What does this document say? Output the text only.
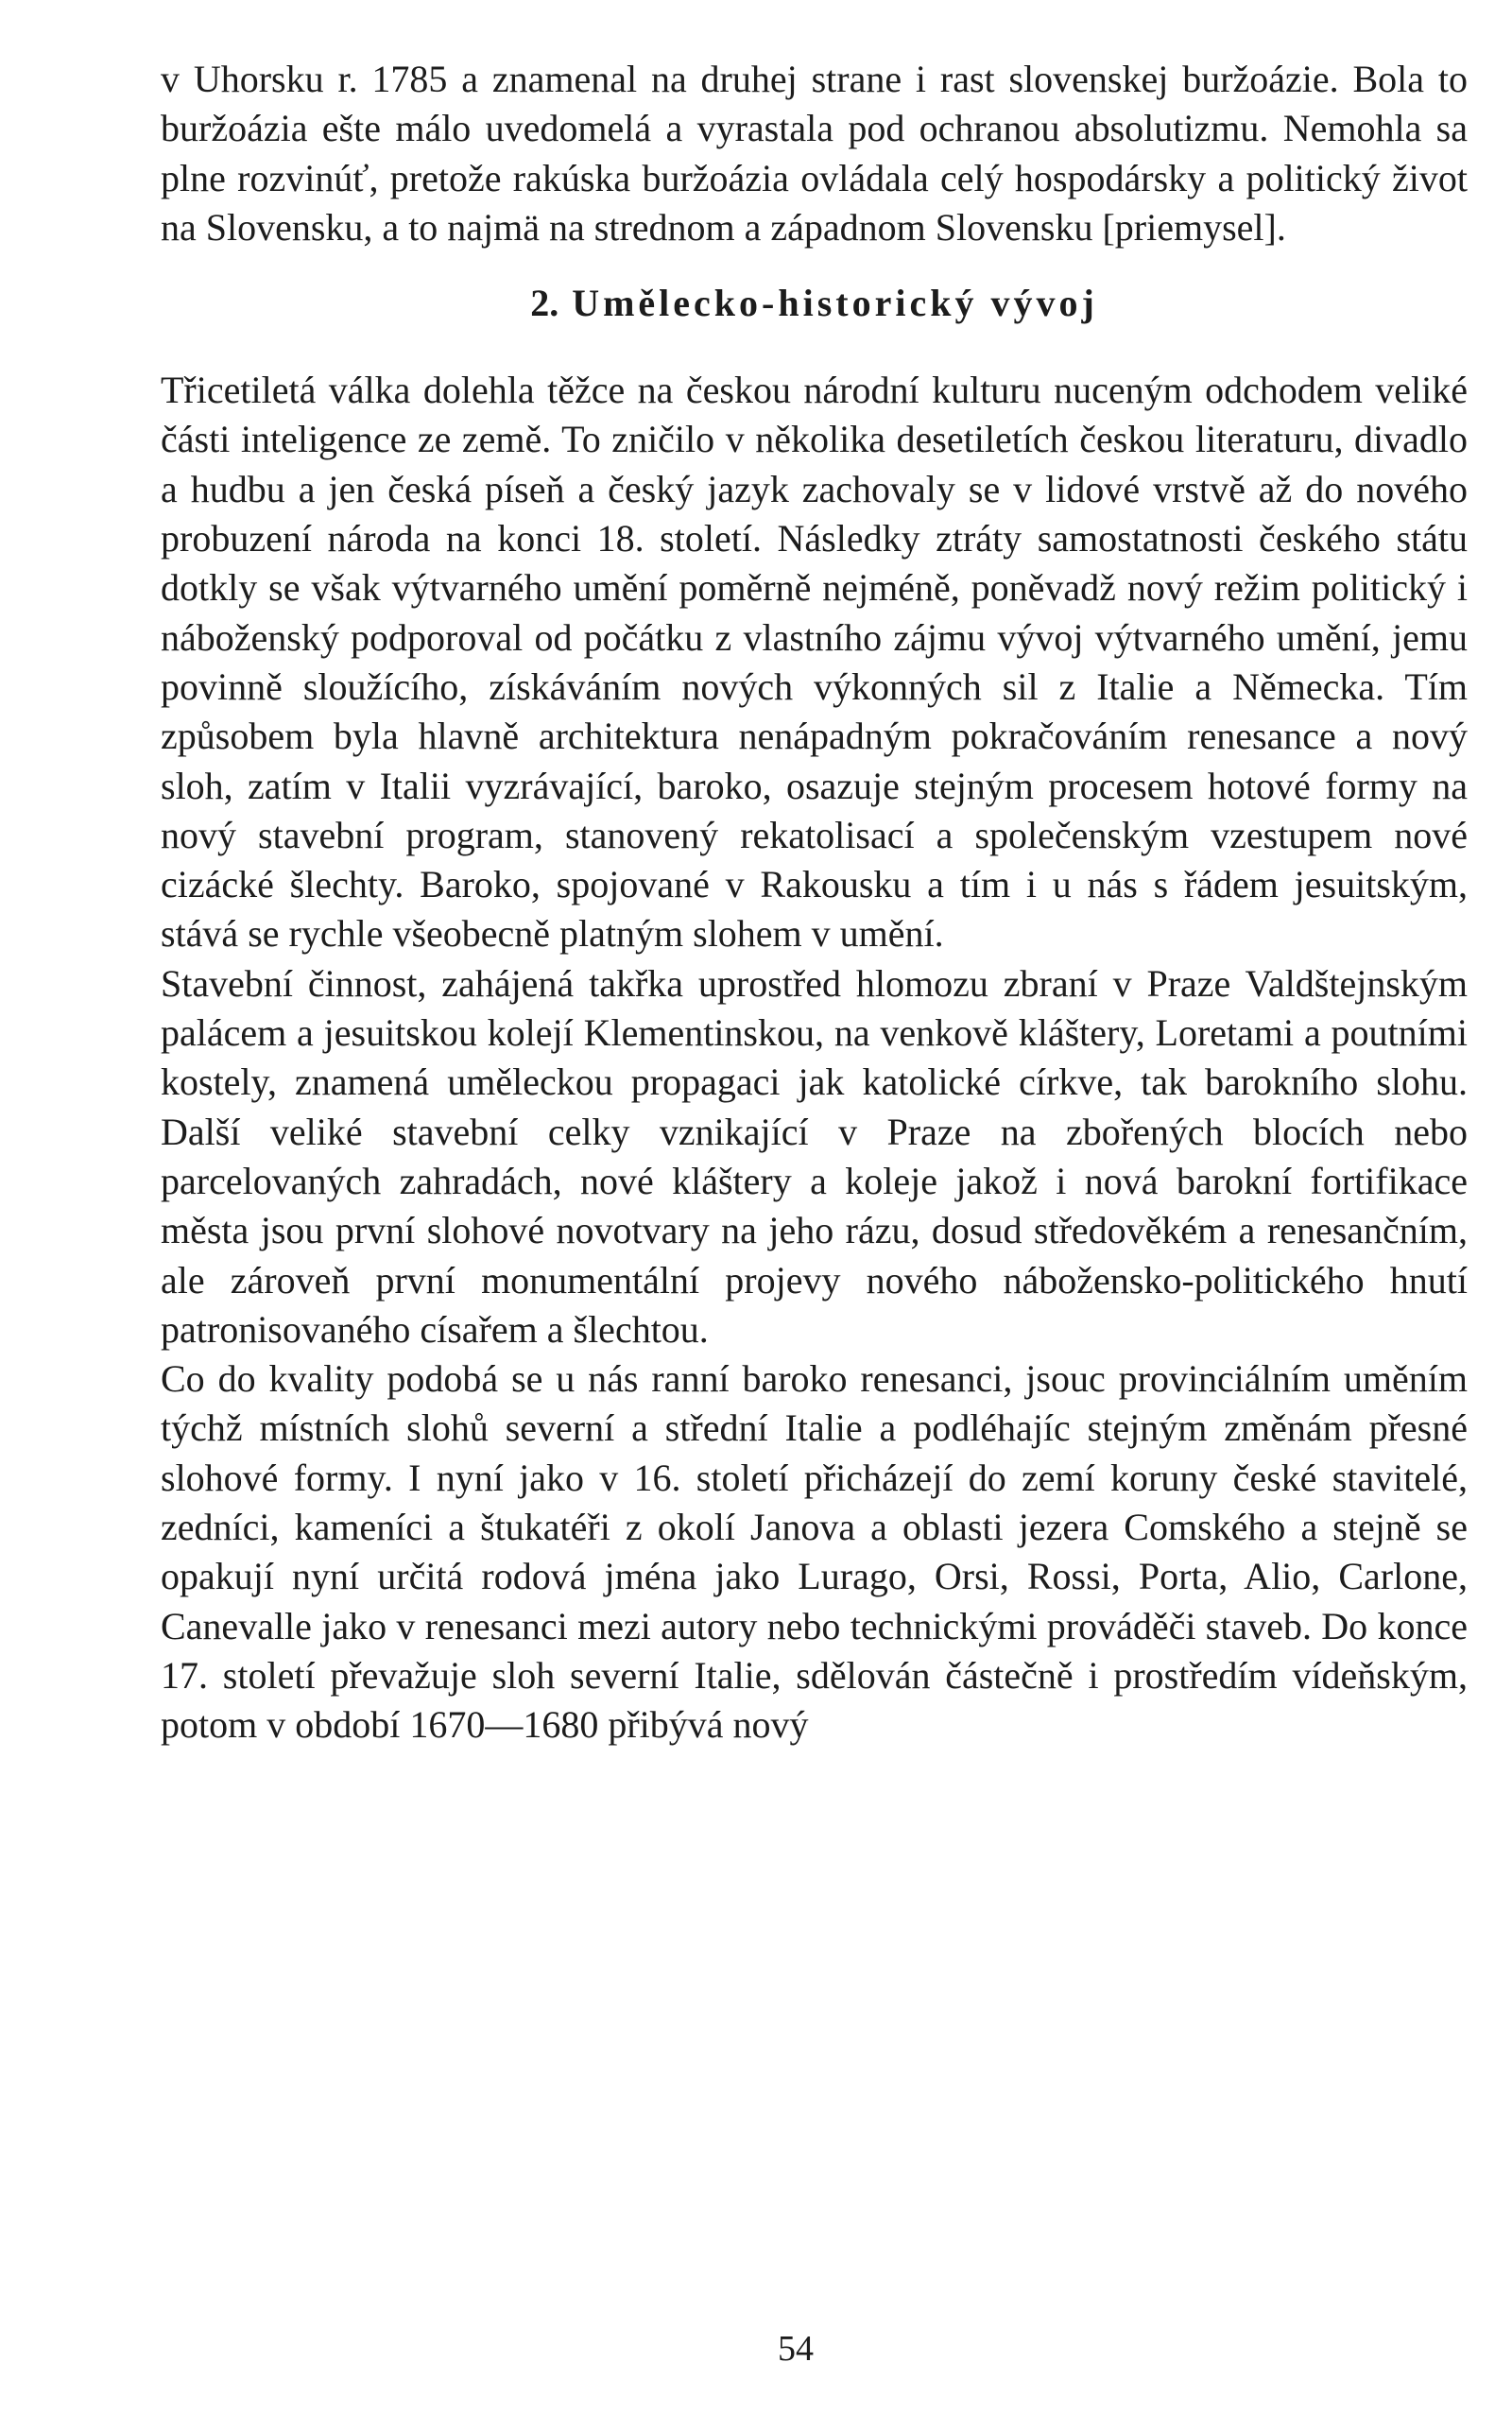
v Uhorsku r. 1785 a znamenal na druhej strane i rast slovenskej buržoázie. Bola to buržoázia ešte málo uvedomelá a vyrastala pod ochranou absolutizmu. Nemohla sa plne rozvinúť, pretože rakúska buržoázia ovládala celý hospodársky a politický život na Slovensku, a to najmä na strednom a západnom Slovensku [priemysel].

2. Umělecko-historický vývoj

Třicetiletá válka dolehla těžce na českou národní kulturu nuceným odchodem veliké části inteligence ze země. To zničilo v několika desetiletích českou literaturu, divadlo a hudbu a jen česká píseň a český jazyk zachovaly se v lidové vrstvě až do nového probuzení národa na konci 18. století. Následky ztráty samostatnosti českého státu dotkly se však výtvarného umění poměrně nejméně, poněvadž nový režim politický i náboženský podporoval od počátku z vlastního zájmu vývoj výtvarného umění, jemu povinně sloužícího, získáváním nových výkonných sil z Italie a Německa. Tím způsobem byla hlavně architektura nenápadným pokračováním renesance a nový sloh, zatím v Italii vyzrávající, baroko, osazuje stejným procesem hotové formy na nový stavební program, stanovený rekatolisací a společenským vzestupem nové cizácké šlechty. Baroko, spojované v Rakousku a tím i u nás s řádem jesuitským, stává se rychle všeobecně platným slohem v umění.

Stavební činnost, zahájená takřka uprostřed hlomozu zbraní v Praze Valdštejnským palácem a jesuitskou kolejí Klementinskou, na venkově kláštery, Loretami a poutními kostely, znamená uměleckou propagaci jak katolické církve, tak barokního slohu. Další veliké stavební celky vznikající v Praze na zbořených blocích nebo parcelovaných zahradách, nové kláštery a koleje jakož i nová barokní fortifikace města jsou první slohové novotvary na jeho rázu, dosud středověkém a renesančním, ale zároveň první monumentální projevy nového nábožensko-politického hnutí patronisovaného císařem a šlechtou.

Co do kvality podobá se u nás ranní baroko renesanci, jsouc provinciálním uměním týchž místních slohů severní a střední Italie a podléhajíc stejným změnám přesné slohové formy. I nyní jako v 16. století přicházejí do zemí koruny české stavitelé, zedníci, kameníci a štukatéři z okolí Janova a oblasti jezera Comského a stejně se opakují nyní určitá rodová jména jako Lurago, Orsi, Rossi, Porta, Alio, Carlone, Canevalle jako v renesanci mezi autory nebo technickými prováděči staveb. Do konce 17. století převažuje sloh severní Italie, sdělován částečně i prostředím vídeňským, potom v období 1670—1680 přibývá nový

54
